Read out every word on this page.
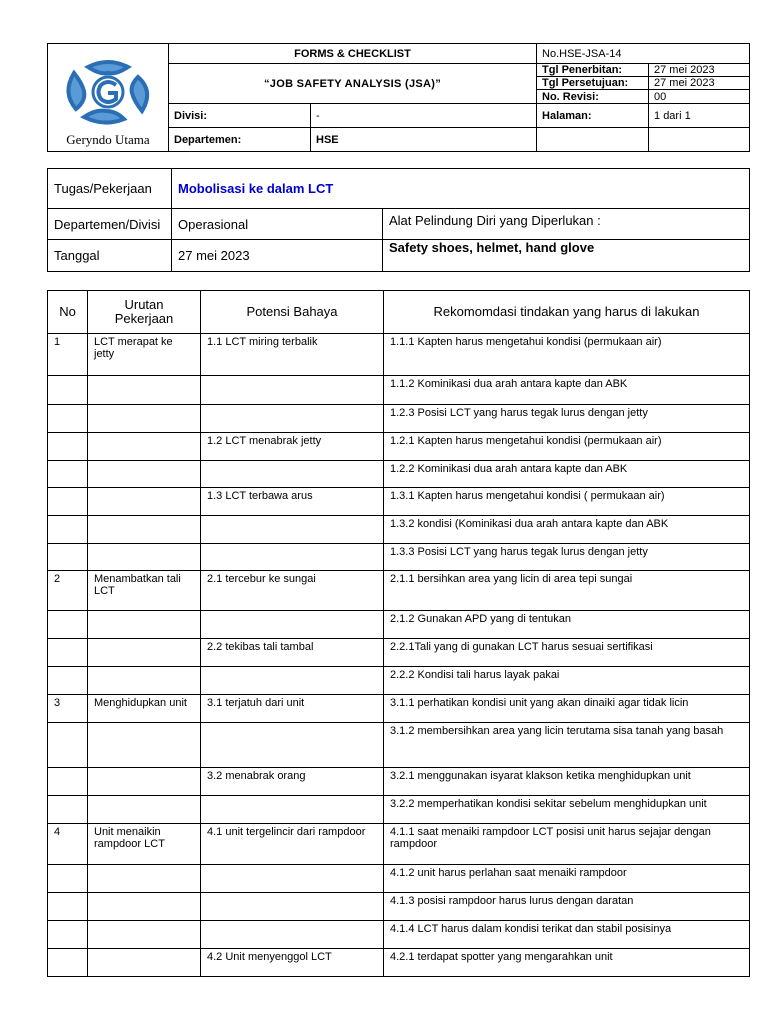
Geryndo Utama	FORMS & CHECKLIST		No.HSE-JSA-14	
	“JOB SAFETY ANALYSIS (JSA)”		Tgl Penerbitan:	27 mei 2023
			Tgl Persetujuan:	27 mei 2023
			No. Revisi:	00
	Divisi:	-	Halaman:	1 dari 1
	Departemen:	HSE		
Tugas/Pekerjaan	Mobolisasi ke dalam LCT	
Departemen/Divisi	Operasional	Alat Pelindung Diri yang Diperlukan :
Tanggal	27 mei 2023	Safety shoes, helmet, hand glove
No	Urutan Pekerjaan	Potensi Bahaya	Rekomomdasi tindakan yang harus di lakukan
1	LCT merapat ke jetty	1.1 LCT miring terbalik	1.1.1 Kapten harus mengetahui kondisi (permukaan air)
			1.1.2 Kominikasi dua arah antara kapte dan ABK
			1.2.3 Posisi LCT yang harus tegak lurus dengan jetty
		1.2 LCT menabrak jetty	1.2.1 Kapten harus mengetahui kondisi (permukaan air)
			1.2.2 Kominikasi dua arah antara kapte dan ABK
		1.3 LCT terbawa arus	1.3.1 Kapten harus mengetahui kondisi ( permukaan air)
			1.3.2 kondisi (Kominikasi dua arah antara kapte dan ABK
			1.3.3 Posisi LCT yang harus tegak lurus dengan jetty
2	Menambatkan tali LCT	2.1 tercebur ke sungai	2.1.1 bersihkan area yang licin di area tepi sungai
			2.1.2 Gunakan APD yang di tentukan
		2.2 tekibas tali tambal	2.2.1Tali yang di gunakan LCT harus sesuai sertifikasi
			2.2.2 Kondisi tali harus layak pakai
3	Menghidupkan unit	3.1 terjatuh dari unit	3.1.1 perhatikan kondisi unit yang akan dinaiki agar tidak licin
			3.1.2 membersihkan area yang licin terutama sisa tanah yang basah
		3.2 menabrak orang	3.2.1 menggunakan isyarat klakson ketika menghidupkan unit
			3.2.2 memperhatikan kondisi sekitar sebelum menghidupkan unit
4	Unit menaikin rampdoor LCT	4.1 unit tergelincir dari rampdoor	4.1.1 saat menaiki rampdoor LCT posisi unit harus sejajar dengan rampdoor
			4.1.2 unit harus perlahan saat menaiki rampdoor
			4.1.3 posisi rampdoor harus lurus dengan daratan
			4.1.4 LCT harus dalam kondisi terikat dan stabil posisinya
		4.2 Unit menyenggol LCT	4.2.1 terdapat spotter yang mengarahkan unit
